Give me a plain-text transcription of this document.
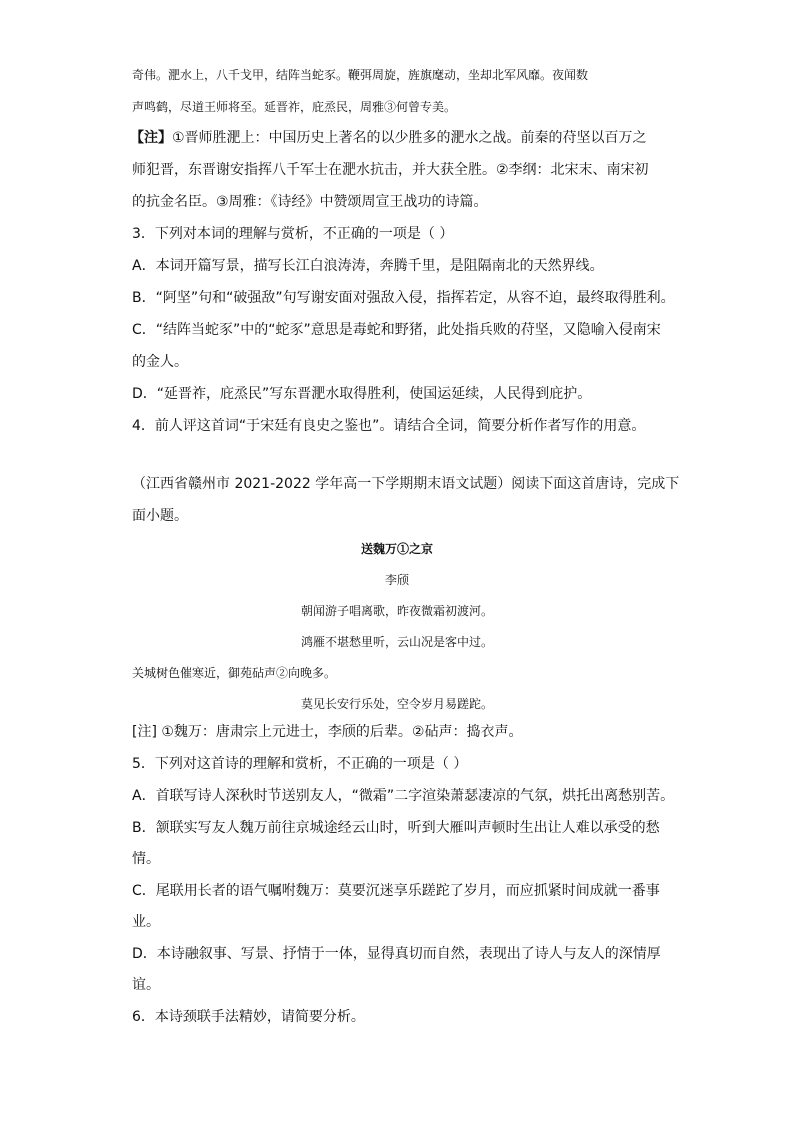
奇伟。淝水上，八千戈甲，结阵当蛇豕。鞭弭周旋，旌旗麾动，坐却北军风靡。夜闻数
声鸣鹤，尽道王师将至。延晋祚，庇烝民，周雅③何曾专美。
【注】①晋师胜淝上：中国历史上著名的以少胜多的淝水之战。前秦的苻坚以百万之
师犯晋，东晋谢安指挥八千军士在淝水抗击，并大获全胜。②李纲：北宋末、南宋初
的抗金名臣。③周雅：《诗经》中赞颂周宣王战功的诗篇。
3．下列对本词的理解与赏析，不正确的一项是（ ）
A．本词开篇写景，描写长江白浪涛涛，奔腾千里，是阻隔南北的天然界线。
B．“阿坚”句和“破强敌”句写谢安面对强敌入侵，指挥若定，从容不迫，最终取得胜利。
C．“结阵当蛇豕”中的“蛇豕”意思是毒蛇和野猪，此处指兵败的苻坚，又隐喻入侵南宋
的金人。
D．“延晋祚，庇烝民”写东晋淝水取得胜利，使国运延续，人民得到庇护。
4．前人评这首词“于宋廷有良史之鉴也”。请结合全词，简要分析作者写作的用意。
（江西省赣州市 2021-2022 学年高一下学期期末语文试题）阅读下面这首唐诗，完成下
面小题。
送魏万①之京
李颀
朝闻游子唱离歌，昨夜微霜初渡河。
鸿雁不堪愁里听，云山况是客中过。
关城树色催寒近，御苑砧声②向晚多。
莫见长安行乐处，空令岁月易蹉跎。
[注] ①魏万：唐肃宗上元进士，李颀的后辈。②砧声：捣衣声。
5．下列对这首诗的理解和赏析，不正确的一项是（ ）
A．首联写诗人深秋时节送别友人，“微霜”二字渲染萧瑟凄凉的气氛，烘托出离愁别苦。
B．颔联实写友人魏万前往京城途经云山时，听到大雁叫声顿时生出让人难以承受的愁
情。
C．尾联用长者的语气嘱咐魏万：莫要沉迷享乐蹉跎了岁月，而应抓紧时间成就一番事
业。
D．本诗融叙事、写景、抒情于一体，显得真切而自然，表现出了诗人与友人的深情厚
谊。
6．本诗颈联手法精妙，请简要分析。
